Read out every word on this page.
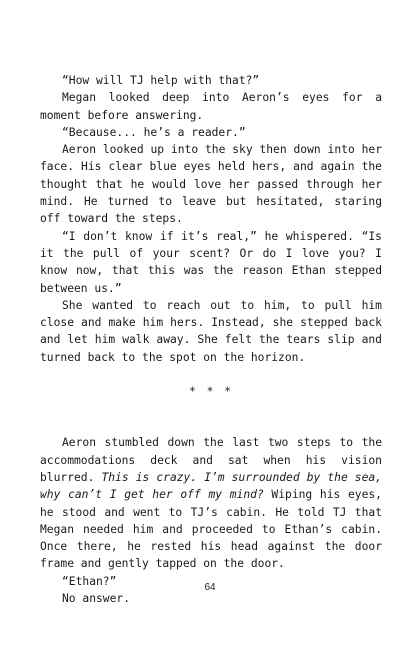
“How will TJ help with that?”

Megan looked deep into Aeron’s eyes for a moment before answering.

“Because... he’s a reader.”

Aeron looked up into the sky then down into her face. His clear blue eyes held hers, and again the thought that he would love her passed through her mind. He turned to leave but hesitated, staring off toward the steps.

“I don’t know if it’s real,” he whispered. “Is it the pull of your scent? Or do I love you? I know now, that this was the reason Ethan stepped between us.”

She wanted to reach out to him, to pull him close and make him hers. Instead, she stepped back and let him walk away. She felt the tears slip and turned back to the spot on the horizon.

* * *

Aeron stumbled down the last two steps to the accommodations deck and sat when his vision blurred. This is crazy. I’m surrounded by the sea, why can’t I get her off my mind? Wiping his eyes, he stood and went to TJ’s cabin. He told TJ that Megan needed him and proceeded to Ethan’s cabin. Once there, he rested his head against the door frame and gently tapped on the door.

“Ethan?”

No answer.

64
